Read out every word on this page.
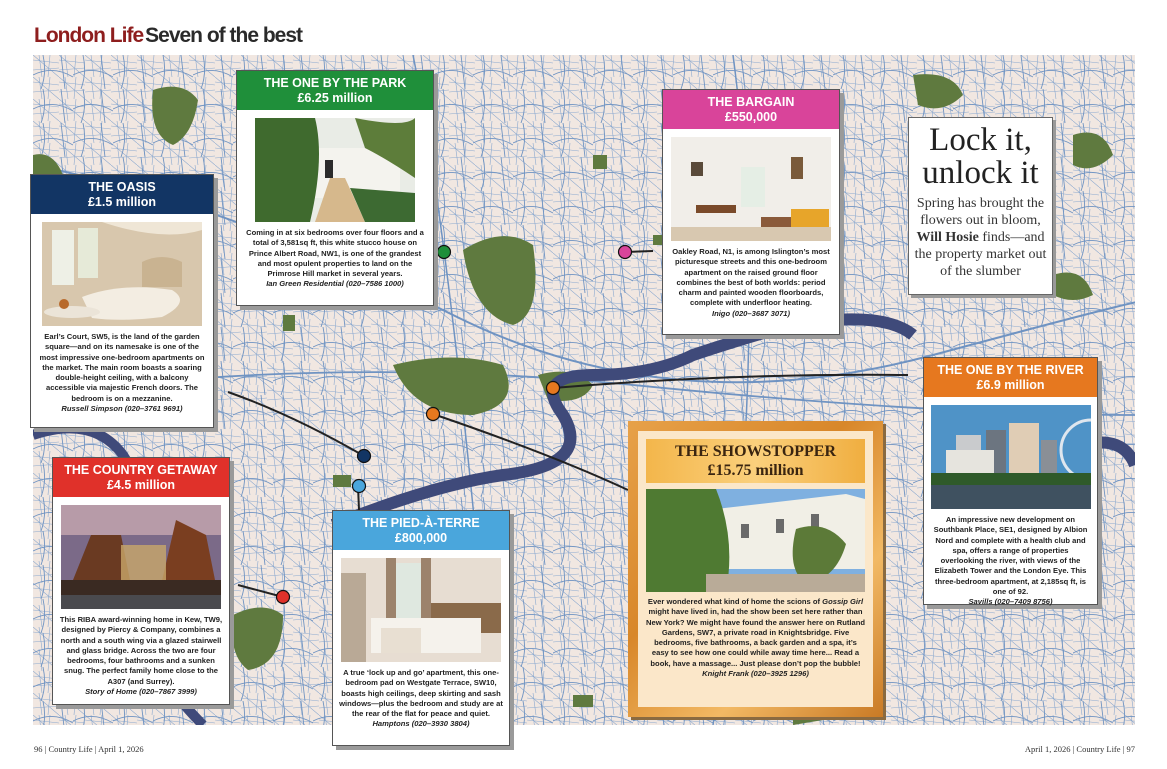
London LifeSeven of the best
THE OASIS
£1.5 million
Earl’s Court, SW5, is the land of the garden square—and on its namesake is one of the most impressive one-bedroom apartments on the market. The main room boasts a soaring double-height ceiling, with a balcony accessible via majestic French doors. The bedroom is on a mezzanine.
Russell Simpson (020–3761 9691)
THE ONE BY THE PARK
£6.25 million
Coming in at six bedrooms over four floors and a total of 3,581sq ft, this white stucco house on Prince Albert Road, NW1, is one of the grandest and most opulent properties to land on the Primrose Hill market in several years.
Ian Green Residential (020–7586 1000)
THE BARGAIN
£550,000
Oakley Road, N1, is among Islington’s most picturesque streets and this one-bedroom apartment on the raised ground floor combines the best of both worlds: period charm and painted wooden floorboards, complete with underfloor heating.
Inigo (020–3687 3071)
Lock it,
unlock it
Spring has brought the flowers out in bloom, Will Hosie finds—and the property market out of the slumber
THE ONE BY THE RIVER
£6.9 million
An impressive new development on Southbank Place, SE1, designed by Albion Nord and complete with a health club and spa, offers a range of properties overlooking the river, with views of the Elizabeth Tower and the London Eye. This three-bedroom apartment, at 2,185sq ft, is one of 92.
Savills (020–7409 8756)
THE COUNTRY GETAWAY
£4.5 million
This RIBA award-winning home in Kew, TW9, designed by Piercy & Company, combines a north and a south wing via a glazed stairwell and glass bridge. Across the two are four bedrooms, four bathrooms and a sunken snug. The perfect family home close to the A307 (and Surrey).
Story of Home (020–7867 3999)
THE PIED-À-TERRE
£800,000
A true ‘lock up and go’ apartment, this one-bedroom pad on Westgate Terrace, SW10, boasts high ceilings, deep skirting and sash windows—plus the bedroom and study are at the rear of the flat for peace and quiet.
Hamptons (020–3930 3804)
THE SHOWSTOPPER
£15.75 million
Ever wondered what kind of home the scions of Gossip Girl might have lived in, had the show been set here rather than New York? We might have found the answer here on Rutland Gardens, SW7, a private road in Knightsbridge. Five bedrooms, five bathrooms, a back garden and a spa, it’s easy to see how one could while away time here... Read a book, have a massage... Just please don’t pop the bubble!
Knight Frank (020–3925 1296)
96 | Country Life | April 1, 2026	April 1, 2026 | Country Life | 97
